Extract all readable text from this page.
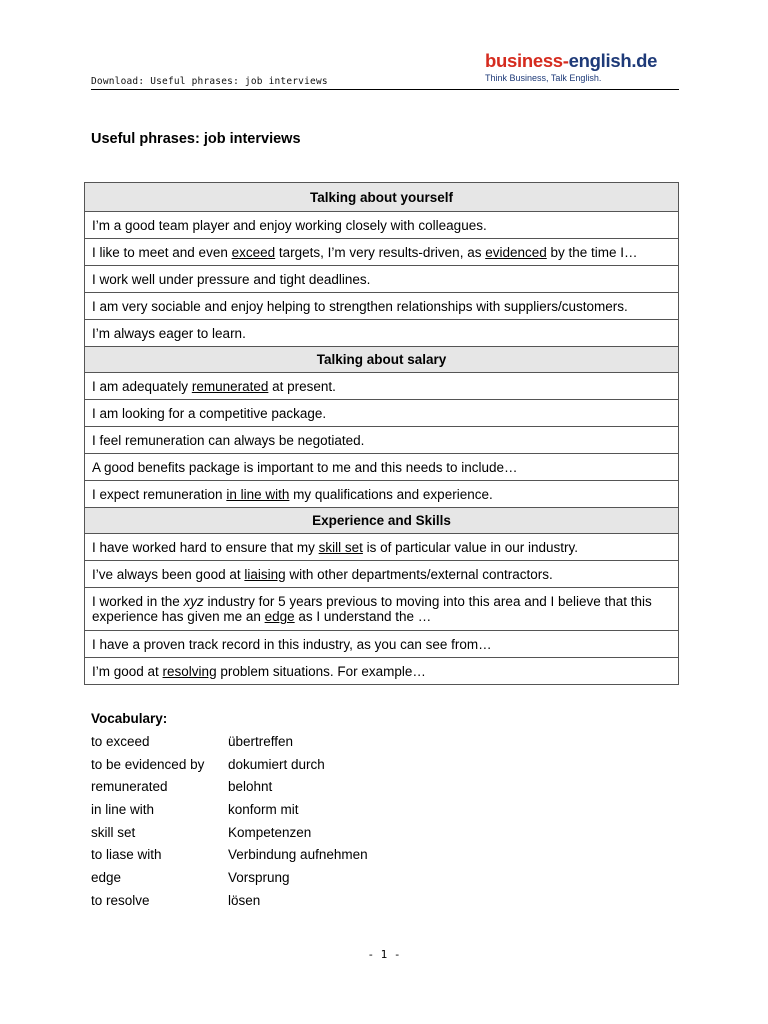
Download: Useful phrases: job interviews
business-english.de
Think Business, Talk English.
Useful phrases: job interviews
Talking about yourself
I’m a good team player and enjoy working closely with colleagues.
I like to meet and even exceed targets, I’m very results-driven, as evidenced by the time I…
I work well under pressure and tight deadlines.
I am very sociable and enjoy helping to strengthen relationships with suppliers/customers.
I’m always eager to learn.
Talking about salary
I am adequately remunerated at present.
I am looking for a competitive package.
I feel remuneration can always be negotiated.
A good benefits package is important to me and this needs to include…
I expect remuneration in line with my qualifications and experience.
Experience and Skills
I have worked hard to ensure that my skill set is of particular value in our industry.
I’ve always been good at liaising with other departments/external contractors.
I worked in the xyz industry for 5 years previous to moving into this area and I believe that this experience has given me an edge as I understand the …
I have a proven track record in this industry, as you can see from…
I’m good at resolving problem situations. For example…
Vocabulary:
to exceed	übertreffen
to be evidenced by	dokumiert durch
remunerated	belohnt
in line with	konform mit
skill set	Kompetenzen
to liase with	Verbindung aufnehmen
edge	Vorsprung
to resolve	lösen
- 1 -
